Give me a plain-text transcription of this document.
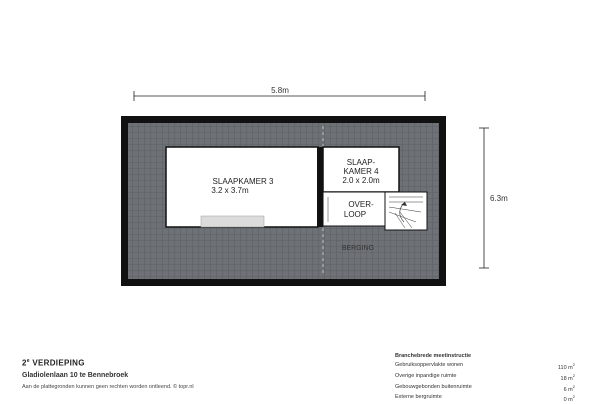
5.8m
6.3m
SLAAPKAMER 3
3.2 x 3.7m
SLAAP-
KAMER 4
2.0 x 2.0m
OVER-
LOOP
BERGING
2e VERDIEPING
Gladiolenlaan 10 te Bennebroek
Aan de plattegronden kunnen geen rechten worden ontleend. © topr.nl
Branchebrede meetinstructie
Gebruiksoppervlakte wonen	110 $m^2$
Overige inpandige ruimte	18 $m^2$
Gebouwgebonden buitenruimte	6 $m^2$
Externe bergruimte	0 $m^2$
